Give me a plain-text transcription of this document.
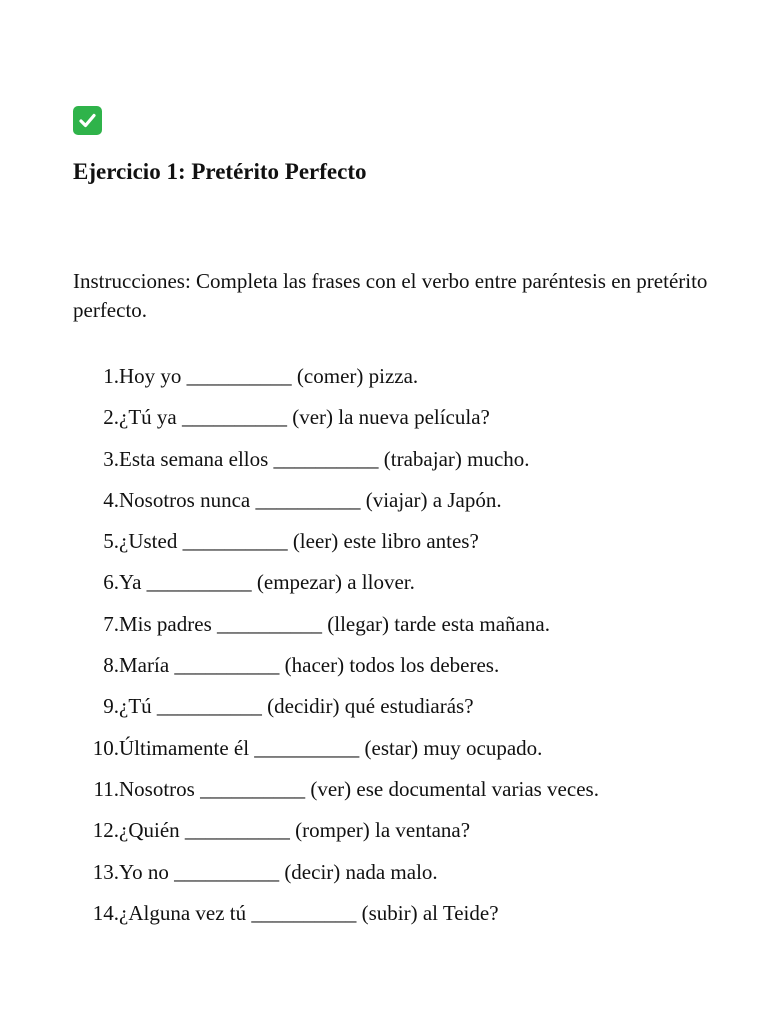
Ejercicio 1: Pretérito Perfecto

Instrucciones: Completa las frases con el verbo entre paréntesis en pretérito perfecto.

1. Hoy yo __________ (comer) pizza.
2. ¿Tú ya __________ (ver) la nueva película?
3. Esta semana ellos __________ (trabajar) mucho.
4. Nosotros nunca __________ (viajar) a Japón.
5. ¿Usted __________ (leer) este libro antes?
6. Ya __________ (empezar) a llover.
7. Mis padres __________ (llegar) tarde esta mañana.
8. María __________ (hacer) todos los deberes.
9. ¿Tú __________ (decidir) qué estudiarás?
10. Últimamente él __________ (estar) muy ocupado.
11. Nosotros __________ (ver) ese documental varias veces.
12. ¿Quién __________ (romper) la ventana?
13. Yo no __________ (decir) nada malo.
14. ¿Alguna vez tú __________ (subir) al Teide?
